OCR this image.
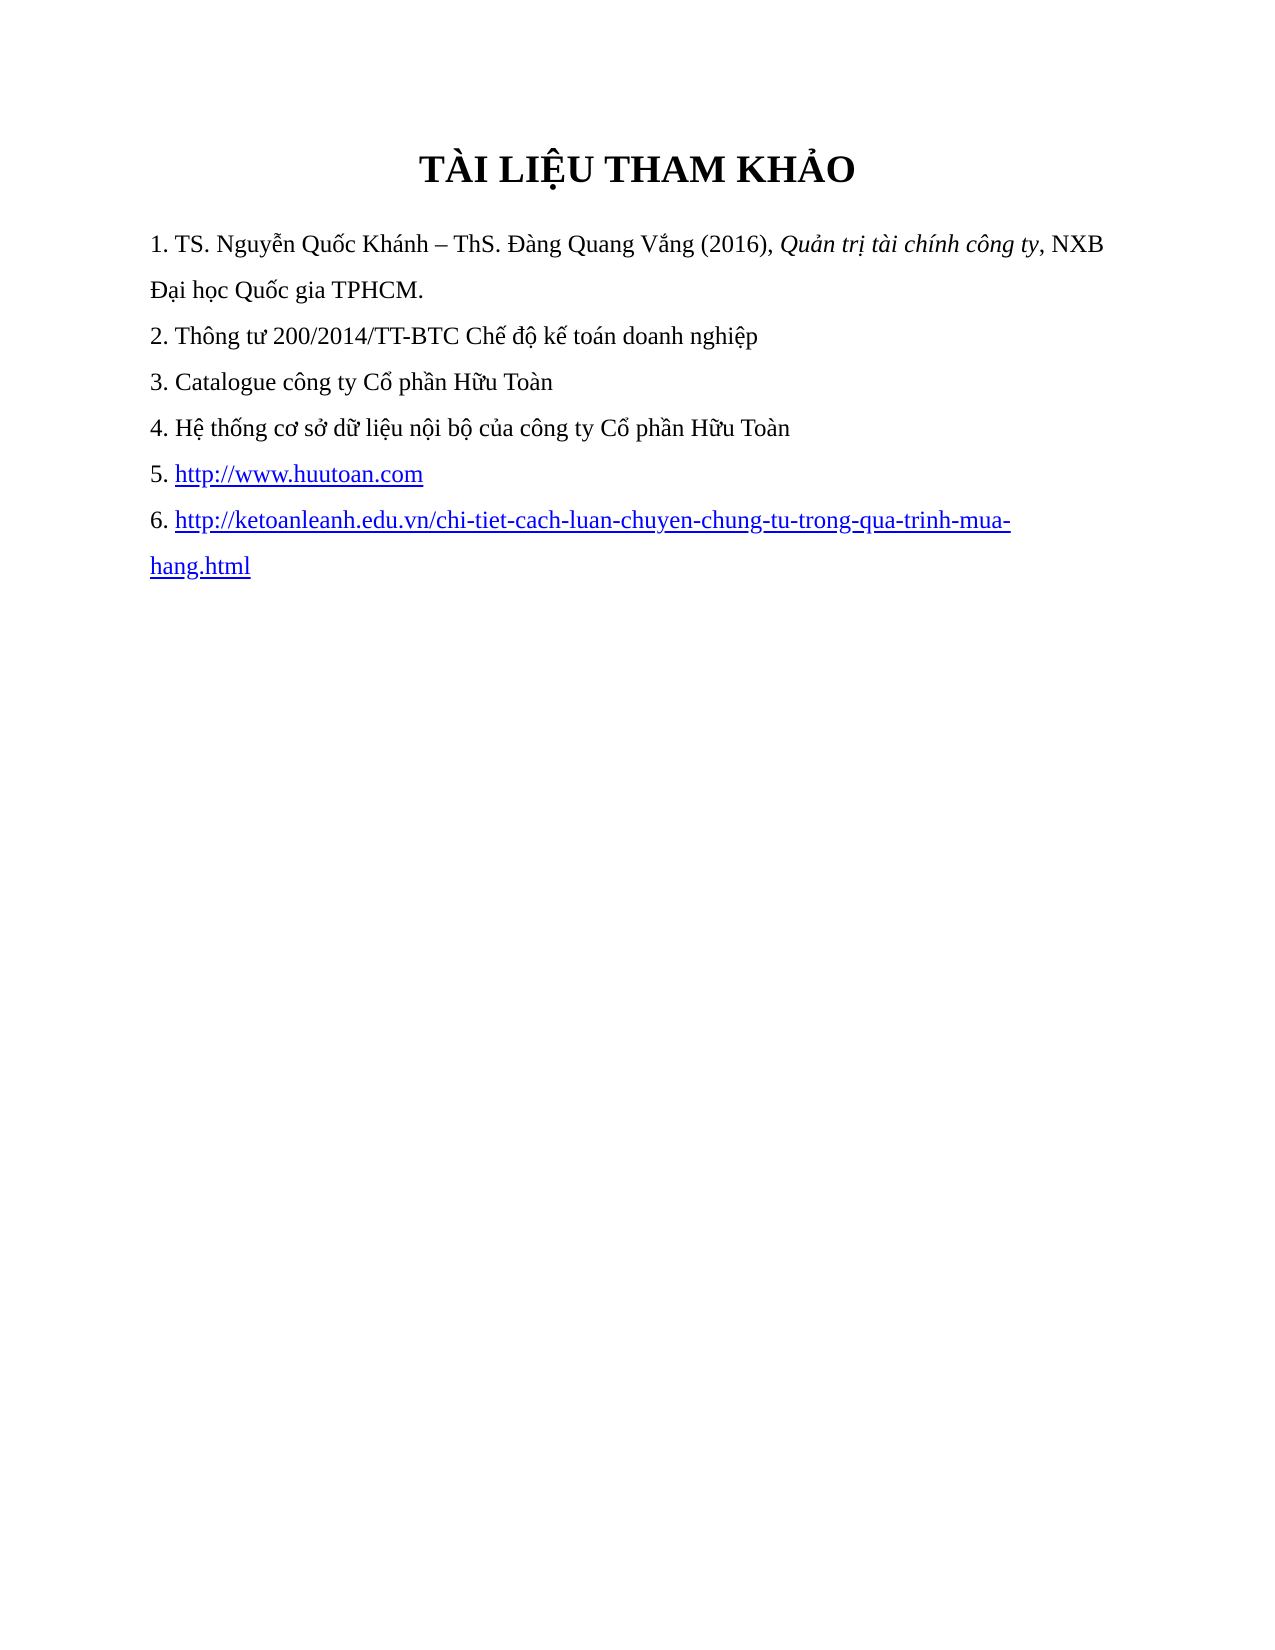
TÀI LIỆU THAM KHẢO

1. TS. Nguyễn Quốc Khánh – ThS. Đàng Quang Vắng (2016), Quản trị tài chính công ty, NXB Đại học Quốc gia TPHCM.

2. Thông tư 200/2014/TT-BTC Chế độ kế toán doanh nghiệp

3. Catalogue công ty Cổ phần Hữu Toàn

4. Hệ thống cơ sở dữ liệu nội bộ của công ty Cổ phần Hữu Toàn

5. http://www.huutoan.com

6. http://ketoanleanh.edu.vn/chi-tiet-cach-luan-chuyen-chung-tu-trong-qua-trinh-mua-
hang.html
